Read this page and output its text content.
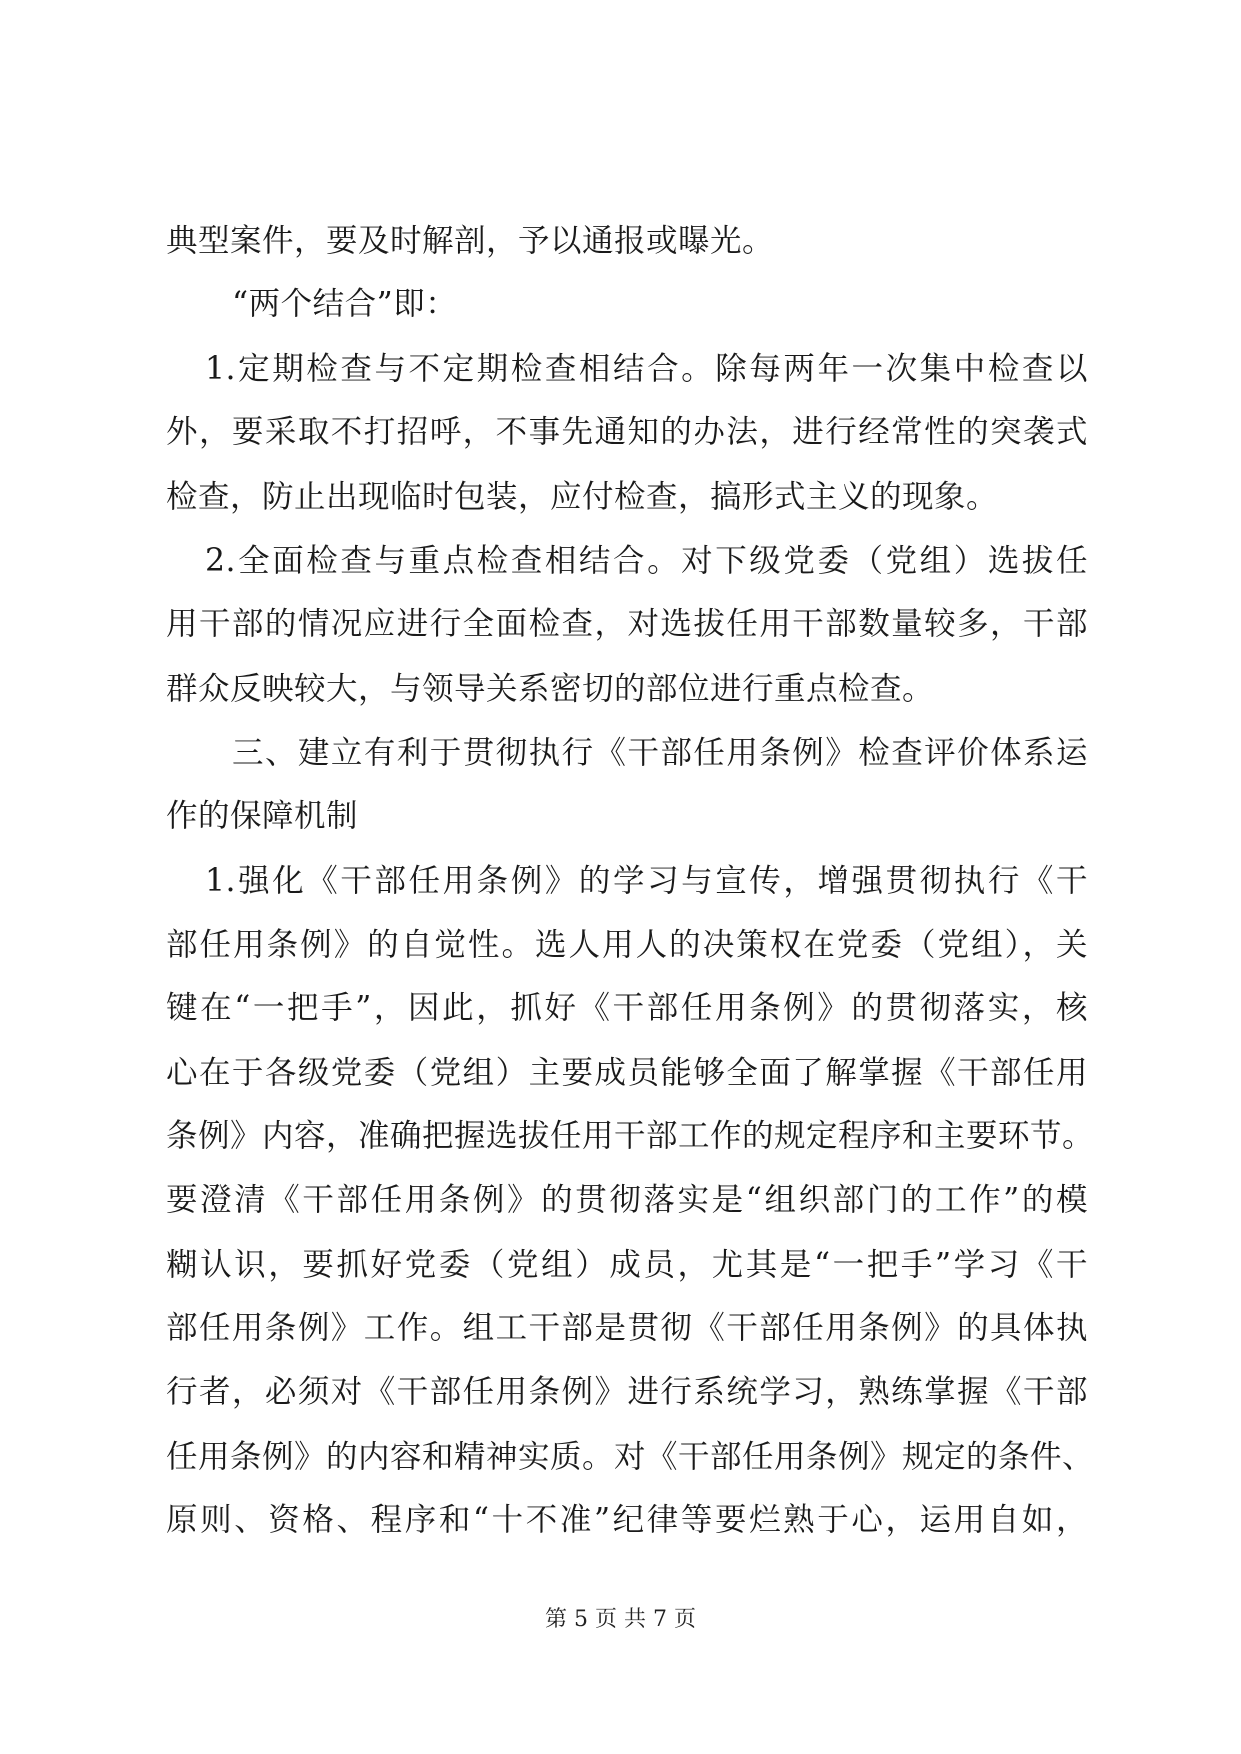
典型案件，要及时解剖，予以通报或曝光。
“两个结合”即：
1.定期检查与不定期检查相结合。除每两年一次集中检查以
外，要采取不打招呼，不事先通知的办法，进行经常性的突袭式
检查，防止出现临时包装，应付检查，搞形式主义的现象。
2.全面检查与重点检查相结合。对下级党委（党组）选拔任
用干部的情况应进行全面检查，对选拔任用干部数量较多，干部
群众反映较大，与领导关系密切的部位进行重点检查。
三、建立有利于贯彻执行《干部任用条例》检查评价体系运
作的保障机制
1.强化《干部任用条例》的学习与宣传，增强贯彻执行《干
部任用条例》的自觉性。选人用人的决策权在党委（党组），关
键在“一把手”，因此，抓好《干部任用条例》的贯彻落实，核
心在于各级党委（党组）主要成员能够全面了解掌握《干部任用
条例》内容，准确把握选拔任用干部工作的规定程序和主要环节。
要澄清《干部任用条例》的贯彻落实是“组织部门的工作”的模
糊认识，要抓好党委（党组）成员，尤其是“一把手”学习《干
部任用条例》工作。组工干部是贯彻《干部任用条例》的具体执
行者，必须对《干部任用条例》进行系统学习，熟练掌握《干部
任用条例》的内容和精神实质。对《干部任用条例》规定的条件、
原则、资格、程序和“十不准”纪律等要烂熟于心，运用自如，
第 5 页 共 7 页
